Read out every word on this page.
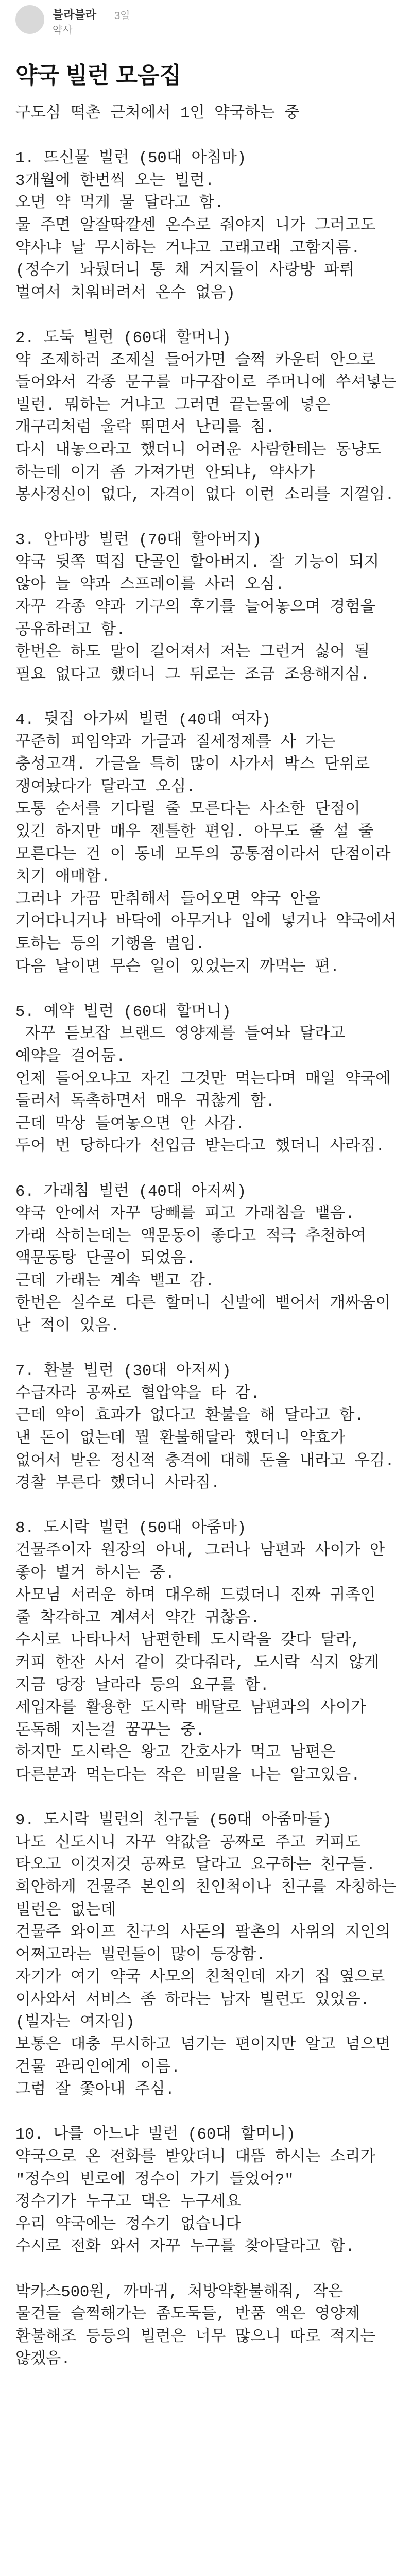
블라블라 3일
약사
약국 빌런 모음집
구도심 떡촌 근처에서 1인 약국하는 중

1. 뜨신물 빌런 (50대 아침마)
3개월에 한번씩 오는 빌런.
오면 약 먹게 물 달라고 함.
물 주면 알잘딱깔센 온수로 줘야지 니가 그러고도 약사냐 날 무시하는 거냐고 고래고래 고함지름.
(정수기 놔뒀더니 통 채 거지들이 사랑방 파뤼 벌여서 치워버려서 온수 없음)

2. 도둑 빌런 (60대 할머니)
약 조제하러 조제실 들어가면 슬쩍 카운터 안으로 들어와서 각종 문구를 마구잡이로 주머니에 쑤셔넣는 빌런. 뭐하는 거냐고 그러면 끝는물에 넣은 개구리처럼 울락 뛰면서 난리를 침.
다시 내놓으라고 했더니 어려운 사람한테는 동냥도 하는데 이거 좀 가져가면 안되냐, 약사가 봉사정신이 없다, 자격이 없다 이런 소리를 지껄임.

3. 안마방 빌런 (70대 할아버지)
약국 뒷쪽 떡집 단골인 할아버지. 잘 기능이 되지 않아 늘 약과 스프레이를 사러 오심.
자꾸 각종 약과 기구의 후기를 늘어놓으며 경험을 공유하려고 함.
한번은 하도 말이 길어져서 저는 그런거 싫어 될 필요 없다고 했더니 그 뒤로는 조금 조용해지심.

4. 뒷집 아가씨 빌런 (40대 여자)
꾸준히 피임약과 가글과 질세정제를 사 가는 충성고객. 가글을 특히 많이 사가서 박스 단위로 쟁여놨다가 달라고 오심.
도통 순서를 기다릴 줄 모른다는 사소한 단점이 있긴 하지만 매우 젠틀한 편임. 아무도 줄 설 줄 모른다는 건 이 동네 모두의 공통점이라서 단점이라 치기 애매함.
그러나 가끔 만취해서 들어오면 약국 안을 기어다니거나 바닥에 아무거나 입에 넣거나 약국에서 토하는 등의 기행을 벌임.
다음 날이면 무슨 일이 있었는지 까먹는 편.

5. 예약 빌런 (60대 할머니)
자꾸 듣보잡 브랜드 영양제를 들여놔 달라고 예약을 걸어둠.
언제 들어오냐고 자긴 그것만 먹는다며 매일 약국에 들러서 독촉하면서 매우 귀찮게 함.
근데 막상 들여놓으면 안 사감.
두어 번 당하다가 선입금 받는다고 했더니 사라짐.

6. 가래침 빌런 (40대 아저씨)
약국 안에서 자꾸 당빼를 피고 가래침을 뱉음.
가래 삭히는데는 액문동이 좋다고 적극 추천하여 액문동탕 단골이 되었음.
근데 가래는 계속 뱉고 감.
한번은 실수로 다른 할머니 신발에 뱉어서 개싸움이 난 적이 있음.

7. 환불 빌런 (30대 아저씨)
수급자라 공짜로 혈압약을 타 감.
근데 약이 효과가 없다고 환불을 해 달라고 함.
낸 돈이 없는데 뭘 환불해달라 했더니 약효가 없어서 받은 정신적 충격에 대해 돈을 내라고 우김.
경찰 부른다 했더니 사라짐.

8. 도시락 빌런 (50대 아줌마)
건물주이자 원장의 아내, 그러나 남편과 사이가 안 좋아 별거 하시는 중.
사모님 서러운 하며 대우해 드렸더니 진짜 귀족인 줄 착각하고 계셔서 약간 귀찮음.
수시로 나타나서 남편한테 도시락을 갖다 달라, 커피 한잔 사서 같이 갖다줘라, 도시락 식지 않게 지금 당장 날라라 등의 요구를 함.
세입자를 활용한 도시락 배달로 남편과의 사이가 돈독해 지는걸 꿈꾸는 중.
하지만 도시락은 왕고 간호사가 먹고 남편은 다른분과 먹는다는 작은 비밀을 나는 알고있음.

9. 도시락 빌런의 친구들 (50대 아줌마들)
나도 신도시니 자꾸 약값을 공짜로 주고 커피도 타오고 이것저것 공짜로 달라고 요구하는 친구들.
희안하게 건물주 본인의 친인척이나 친구를 자칭하는 빌런은 없는데
건물주 와이프 친구의 사돈의 팔촌의 사위의 지인의 어쩌고라는 빌런들이 많이 등장함.
자기가 여기 약국 사모의 친척인데 자기 집 옆으로 이사와서 서비스 좀 하라는 남자 빌런도 있었음. (빌자는 여자임)
보통은 대충 무시하고 넘기는 편이지만 알고 넘으면 건물 관리인에게 이름.
그럼 잘 쫓아내 주심.

10. 나를 아느냐 빌런 (60대 할머니)
약국으로 온 전화를 받았더니 대뜸 하시는 소리가 "정수의 빈로에 정수이 가기 들었어?"
정수기가 누구고 댁은 누구세요
우리 약국에는 정수기 없습니다
수시로 전화 와서 자꾸 누구를 찾아달라고 함.

박카스500원, 까마귀, 처방약환불해줘, 작은 물건들 슬쩍해가는 좀도둑들, 반품 액은 영양제 환불해조 등등의 빌런은 너무 많으니 따로 적지는 않겠음.
